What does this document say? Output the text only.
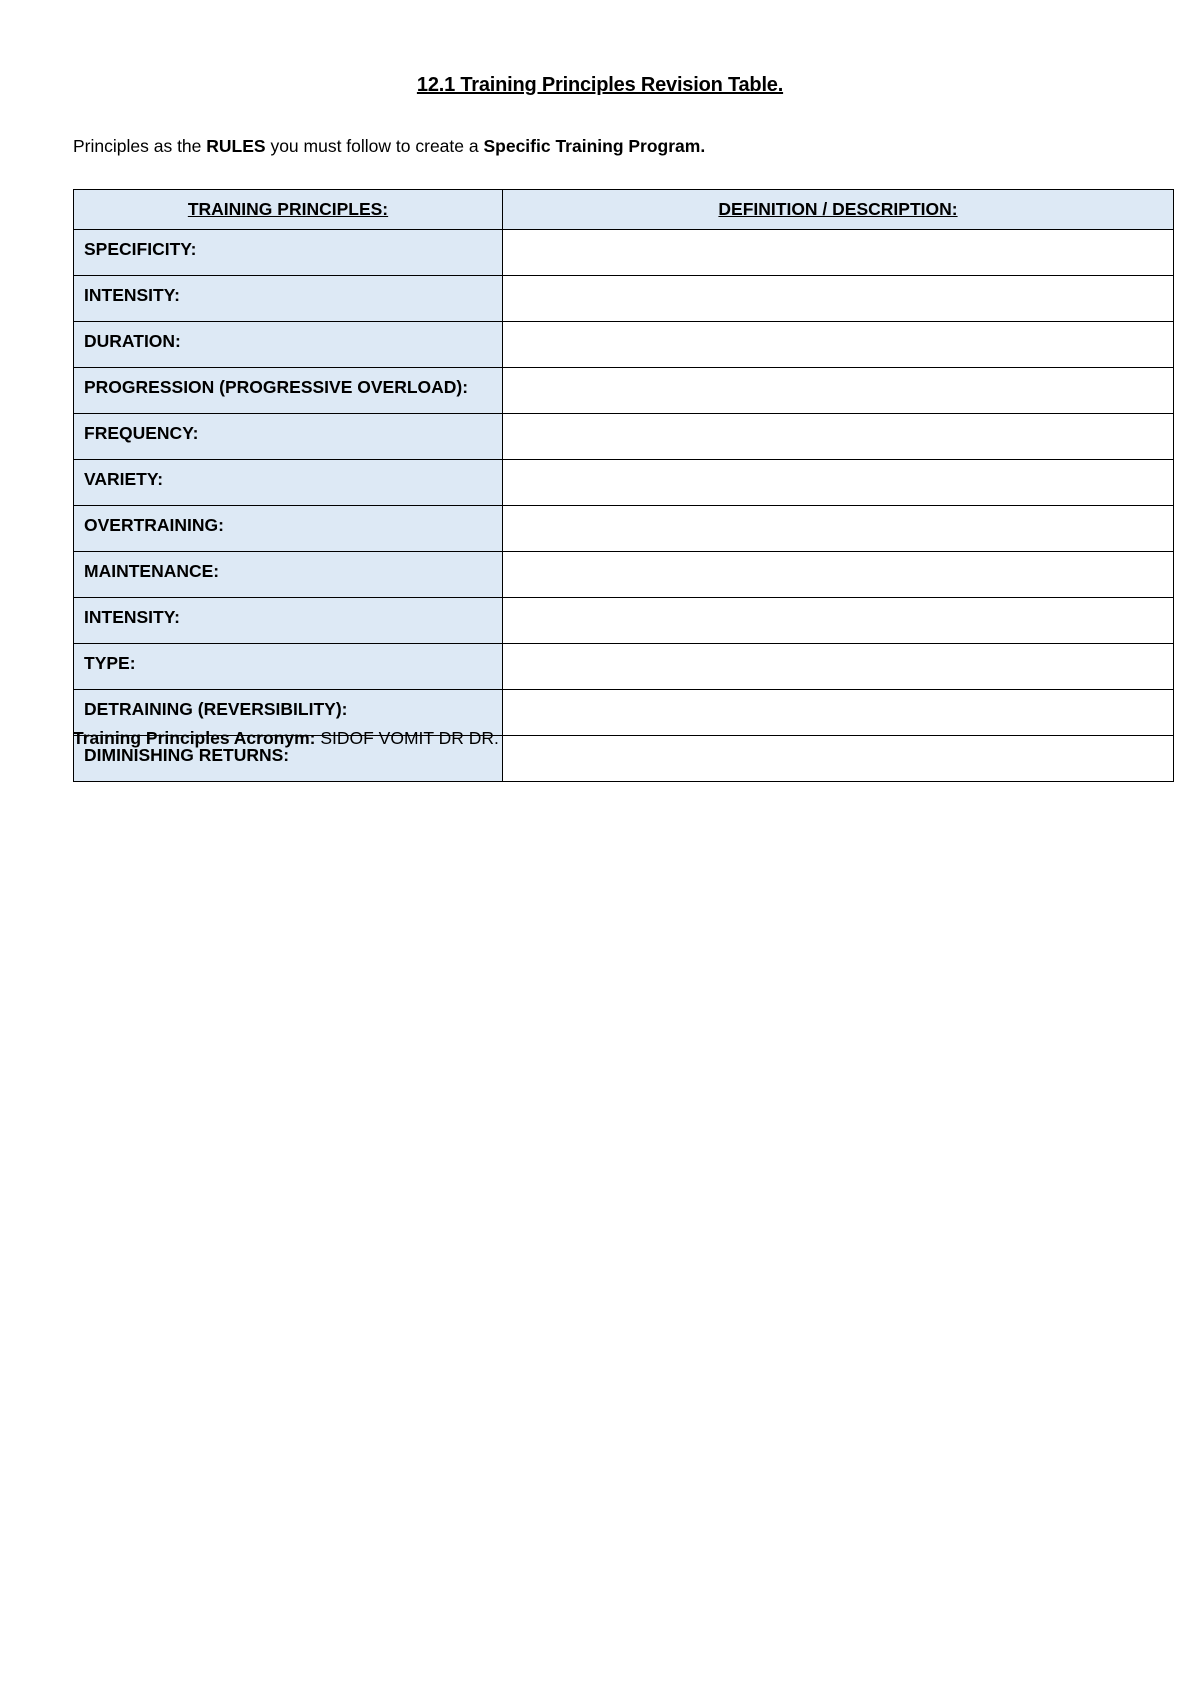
12.1 Training Principles Revision Table.
Principles as the RULES you must follow to create a Specific Training Program.
TRAINING PRINCIPLES:	DEFINITION / DESCRIPTION:
SPECIFICITY:	
INTENSITY:	
DURATION:	
PROGRESSION (PROGRESSIVE OVERLOAD):	
FREQUENCY:	
VARIETY:	
OVERTRAINING:	
MAINTENANCE:	
INTENSITY:	
TYPE:	
DETRAINING (REVERSIBILITY):	
DIMINISHING RETURNS:	
Training Principles Acronym: SIDOF VOMIT DR DR.
